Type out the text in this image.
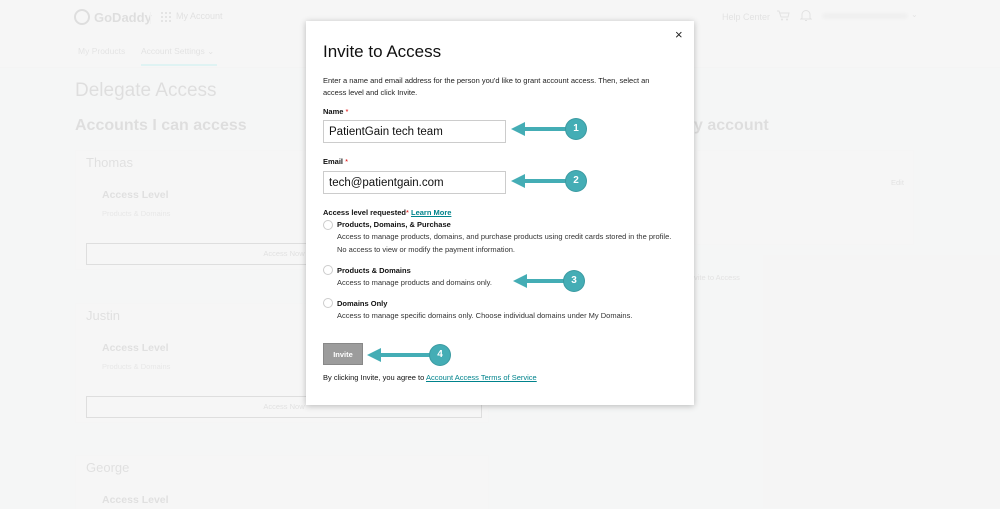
×
Invite to Access
Enter a name and email address for the person you'd like to grant account access. Then, select an access level and click Invite.
Name *
PatientGain tech team
Email *
tech@patientgain.com
Access level requested* Learn More
Products, Domains, & Purchase
Access to manage products, domains, and purchase products using credit cards stored in the profile. No access to view or modify the payment information.
Products & Domains
Access to manage products and domains only.
Domains Only
Access to manage specific domains only. Choose individual domains under My Domains.
Invite
By clicking Invite, you agree to Account Access Terms of Service
1
2
3
4
